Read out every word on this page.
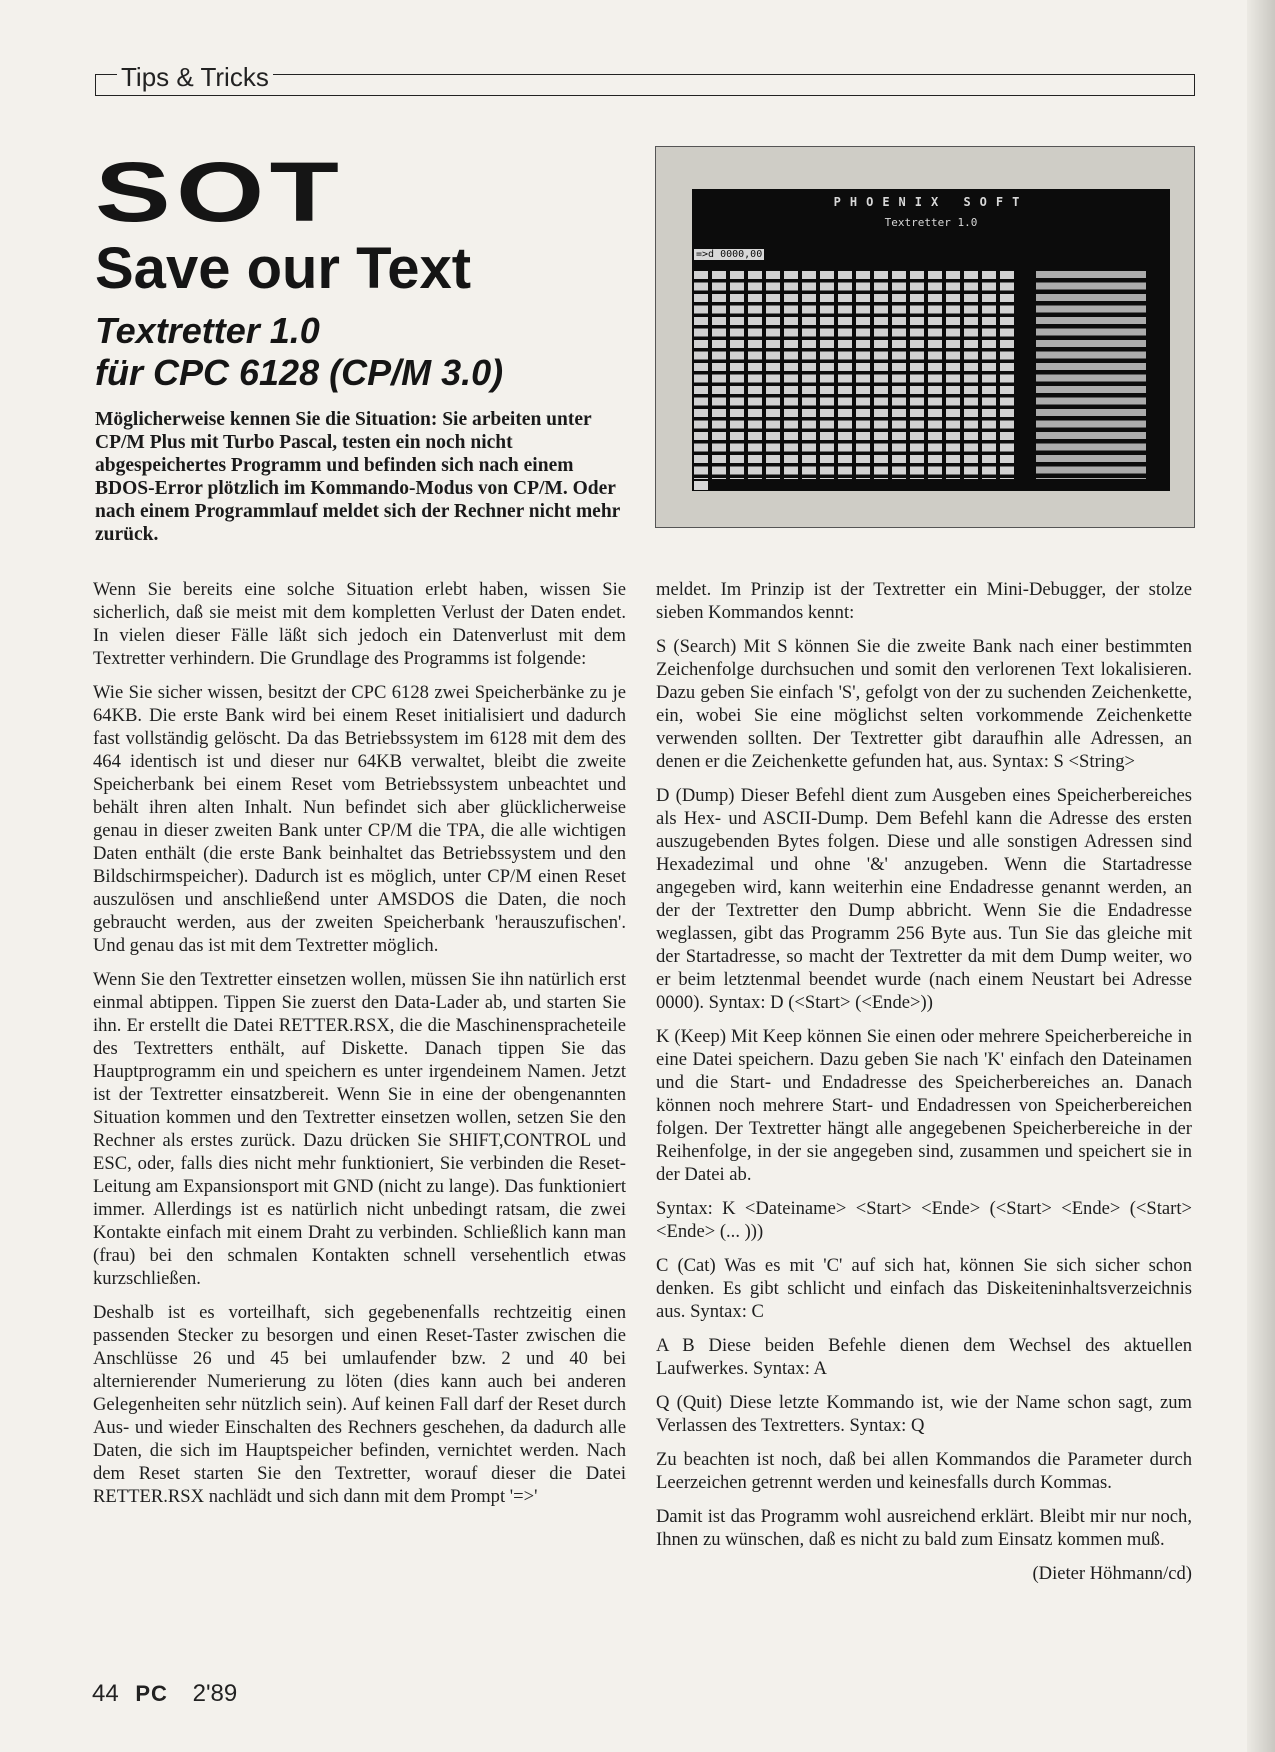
Tips & Tricks
SOT
Save our Text
Textretter 1.0
für CPC 6128 (CP/M 3.0)

Möglicherweise kennen Sie die Situation: Sie arbeiten unter CP/M Plus mit Turbo Pascal, testen ein noch nicht abgespeichertes Programm und befinden sich nach einem BDOS-Error plötzlich im Kommando-Modus von CP/M. Oder nach einem Programmlauf meldet sich der Rechner nicht mehr zurück.

PHOENIX SOFT
Textretter 1.0
=>d 0000,00

Wenn Sie bereits eine solche Situation erlebt haben, wissen Sie sicherlich, daß sie meist mit dem kompletten Verlust der Daten endet. In vielen dieser Fälle läßt sich jedoch ein Datenverlust mit dem Textretter verhindern. Die Grundlage des Programms ist folgende:

Wie Sie sicher wissen, besitzt der CPC 6128 zwei Speicherbänke zu je 64KB. Die erste Bank wird bei einem Reset initialisiert und dadurch fast vollständig gelöscht. Da das Betriebssystem im 6128 mit dem des 464 identisch ist und dieser nur 64KB verwaltet, bleibt die zweite Speicherbank bei einem Reset vom Betriebssystem unbeachtet und behält ihren alten Inhalt. Nun befindet sich aber glücklicherweise genau in dieser zweiten Bank unter CP/M die TPA, die alle wichtigen Daten enthält (die erste Bank beinhaltet das Betriebssystem und den Bildschirmspeicher). Dadurch ist es möglich, unter CP/M einen Reset auszulösen und anschließend unter AMSDOS die Daten, die noch gebraucht werden, aus der zweiten Speicherbank 'herauszufischen'. Und genau das ist mit dem Textretter möglich.

Wenn Sie den Textretter einsetzen wollen, müssen Sie ihn natürlich erst einmal abtippen. Tippen Sie zuerst den Data-Lader ab, und starten Sie ihn. Er erstellt die Datei RETTER.RSX, die die Maschinenspracheteile des Textretters enthält, auf Diskette. Danach tippen Sie das Hauptprogramm ein und speichern es unter irgendeinem Namen. Jetzt ist der Textretter einsatzbereit. Wenn Sie in eine der obengenannten Situation kommen und den Textretter einsetzen wollen, setzen Sie den Rechner als erstes zurück. Dazu drücken Sie SHIFT,CONTROL und ESC, oder, falls dies nicht mehr funktioniert, Sie verbinden die Reset-Leitung am Expansionsport mit GND (nicht zu lange). Das funktioniert immer. Allerdings ist es natürlich nicht unbedingt ratsam, die zwei Kontakte einfach mit einem Draht zu verbinden. Schließlich kann man (frau) bei den schmalen Kontakten schnell versehentlich etwas kurzschließen.

Deshalb ist es vorteilhaft, sich gegebenenfalls rechtzeitig einen passenden Stecker zu besorgen und einen Reset-Taster zwischen die Anschlüsse 26 und 45 bei umlaufender bzw. 2 und 40 bei alternierender Numerierung zu löten (dies kann auch bei anderen Gelegenheiten sehr nützlich sein). Auf keinen Fall darf der Reset durch Aus- und wieder Einschalten des Rechners geschehen, da dadurch alle Daten, die sich im Hauptspeicher befinden, vernichtet werden. Nach dem Reset starten Sie den Textretter, worauf dieser die Datei RETTER.RSX nachlädt und sich dann mit dem Prompt '=>'

meldet. Im Prinzip ist der Textretter ein Mini-Debugger, der stolze sieben Kommandos kennt:

S (Search) Mit S können Sie die zweite Bank nach einer bestimmten Zeichenfolge durchsuchen und somit den verlorenen Text lokalisieren. Dazu geben Sie einfach 'S', gefolgt von der zu suchenden Zeichenkette, ein, wobei Sie eine möglichst selten vorkommende Zeichenkette verwenden sollten. Der Textretter gibt daraufhin alle Adressen, an denen er die Zeichenkette gefunden hat, aus. Syntax: S <String>

D (Dump) Dieser Befehl dient zum Ausgeben eines Speicherbereiches als Hex- und ASCII-Dump. Dem Befehl kann die Adresse des ersten auszugebenden Bytes folgen. Diese und alle sonstigen Adressen sind Hexadezimal und ohne '&' anzugeben. Wenn die Startadresse angegeben wird, kann weiterhin eine Endadresse genannt werden, an der der Textretter den Dump abbricht. Wenn Sie die Endadresse weglassen, gibt das Programm 256 Byte aus. Tun Sie das gleiche mit der Startadresse, so macht der Textretter da mit dem Dump weiter, wo er beim letztenmal beendet wurde (nach einem Neustart bei Adresse 0000). Syntax: D (<Start> (<Ende>))

K (Keep) Mit Keep können Sie einen oder mehrere Speicherbereiche in eine Datei speichern. Dazu geben Sie nach 'K' einfach den Dateinamen und die Start- und Endadresse des Speicherbereiches an. Danach können noch mehrere Start- und Endadressen von Speicherbereichen folgen. Der Textretter hängt alle angegebenen Speicherbereiche in der Reihenfolge, in der sie angegeben sind, zusammen und speichert sie in der Datei ab.

Syntax: K <Dateiname> <Start> <Ende> (<Start> <Ende> (<Start> <Ende> (... )))

C (Cat) Was es mit 'C' auf sich hat, können Sie sich sicher schon denken. Es gibt schlicht und einfach das Diskeiteninhaltsverzeichnis aus. Syntax: C

A B Diese beiden Befehle dienen dem Wechsel des aktuellen Laufwerkes. Syntax: A

Q (Quit) Diese letzte Kommando ist, wie der Name schon sagt, zum Verlassen des Textretters. Syntax: Q

Zu beachten ist noch, daß bei allen Kommandos die Parameter durch Leerzeichen getrennt werden und keinesfalls durch Kommas.

Damit ist das Programm wohl ausreichend erklärt. Bleibt mir nur noch, Ihnen zu wünschen, daß es nicht zu bald zum Einsatz kommen muß.

(Dieter Höhmann/cd)
44 PC 2'89
